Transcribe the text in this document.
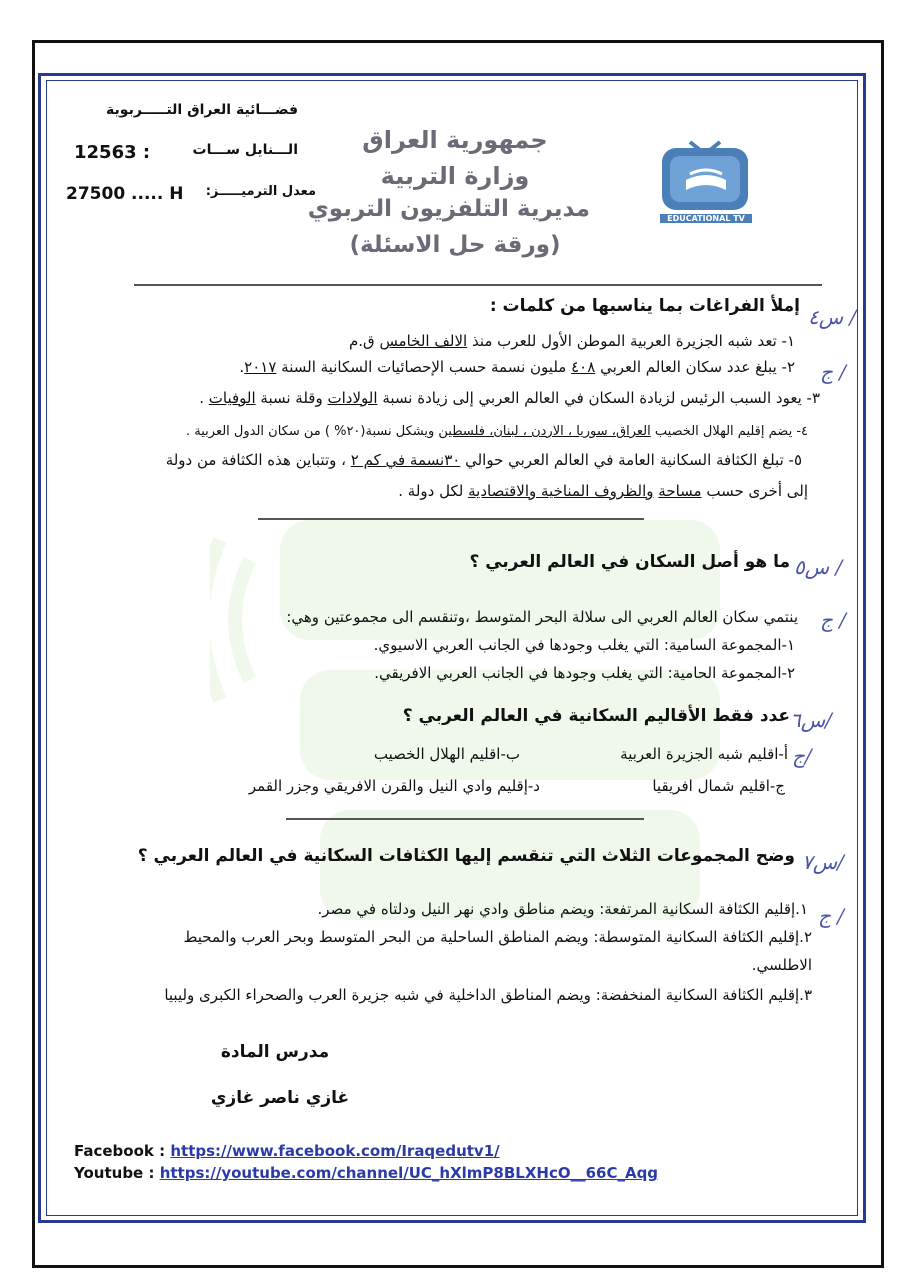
فضـــائية العراق التـــــربوية
12563 :	الـــنايل ســـات
27500 ..... H معدل الترميـــــز:
جمهورية العراق
وزارة التربية
مديرية التلفزيون التربوي
(ورقة حل الاسئلة)
EDUCATIONAL TV
س٤ /
إملأ الفراغات بما يناسبها من كلمات :
ج /
١- تعد شبه الجزيرة العربية الموطن الأول للعرب منذ الالف الخامس ق.م
٢- يبلغ عدد سكان العالم العربي ٤٠٨ مليون نسمة حسب الإحصائيات السكانية السنة ٢٠١٧.
٣- يعود السبب الرئيس لزيادة السكان في العالم العربي إلى زيادة نسبة الولادات وقلة نسبة الوفيات .
٤- يضم إقليم الهلال الخصيب العراق، سوريا ، الاردن ، لبنان، فلسطين ويشكل نسبة(٢٠% ) من سكان الدول العربية .
٥- تبلغ الكثافة السكانية العامة في العالم العربي حوالي ٣٠نسمة في كم ٢ ، وتتباين هذه الكثافة من دولة
إلى أخرى حسب مساحة والظروف المناخية والاقتصادية لكل دولة .
س٥ /
ما هو أصل السكان في العالم العربي ؟
ج /
ينتمي سكان العالم العربي الى سلالة البحر المتوسط ،وتنقسم الى مجموعتين وهي:
١-المجموعة السامية: التي يغلب وجودها في الجانب العربي الاسيوي.
٢-المجموعة الحامية: التي يغلب وجودها في الجانب العربي الافريقي.
س٦/
عدد فقط الأقاليم السكانية في العالم العربي ؟
ج/
أ-اقليم شبه الجزيرة العربية
ب-اقليم الهلال الخصيب
ج-اقليم شمال افريقيا
د-إقليم وادي النيل والقرن الافريقي وجزر القمر
س٧/
وضح المجموعات الثلاث التي تنقسم إليها الكثافات السكانية في العالم العربي ؟
ج /
١.إقليم الكثافة السكانية المرتفعة: ويضم مناطق وادي نهر النيل ودلتاه في مصر.
٢.إقليم الكثافة السكانية المتوسطة: ويضم المناطق الساحلية من البحر المتوسط وبحر العرب والمحيط
الاطلسي.
٣.إقليم الكثافة السكانية المنخفضة: ويضم المناطق الداخلية في شبه جزيرة العرب والصحراء الكبرى وليبيا
مدرس المادة
غازي ناصر غازي
Facebook : https://www.facebook.com/Iraqedutv1/
Youtube : https://youtube.com/channel/UC_hXlmP8BLXHcO__66C_Aqg
